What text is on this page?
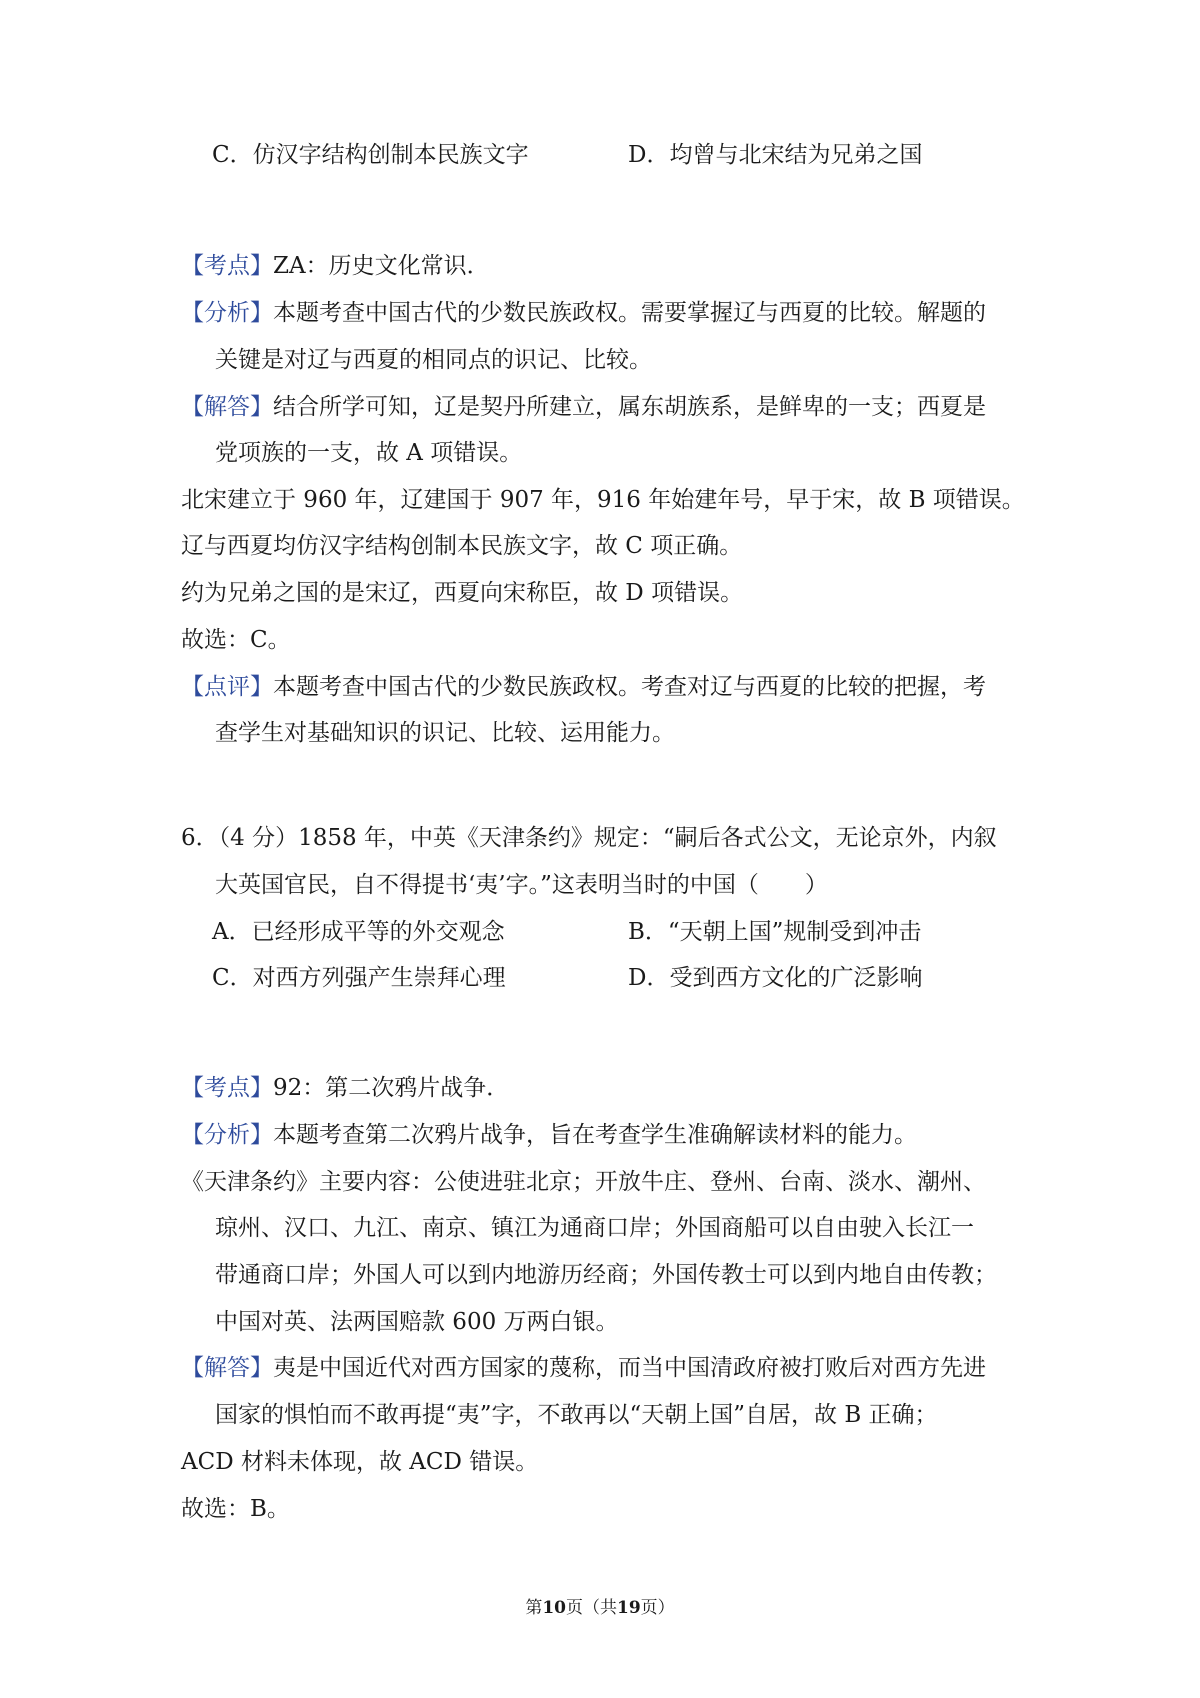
C．仿汉字结构创制本民族文字	D．均曾与北宋结为兄弟之国
【考点】ZA：历史文化常识．
【分析】本题考查中国古代的少数民族政权。需要掌握辽与西夏的比较。解题的
关键是对辽与西夏的相同点的识记、比较。
【解答】结合所学可知，辽是契丹所建立，属东胡族系，是鲜卑的一支；西夏是
党项族的一支，故 A 项错误。
北宋建立于 960 年，辽建国于 907 年，916 年始建年号，早于宋，故 B 项错误。
辽与西夏均仿汉字结构创制本民族文字，故 C 项正确。
约为兄弟之国的是宋辽，西夏向宋称臣，故 D 项错误。
故选：C。
【点评】本题考查中国古代的少数民族政权。考查对辽与西夏的比较的把握，考
查学生对基础知识的识记、比较、运用能力。
6．（4 分）1858 年，中英《天津条约》规定：“嗣后各式公文，无论京外，内叙
大英国官民，自不得提书‘夷’字。”这表明当时的中国（　　）
A．已经形成平等的外交观念	B．“天朝上国”规制受到冲击
C．对西方列强产生崇拜心理	D．受到西方文化的广泛影响
【考点】92：第二次鸦片战争．
【分析】本题考查第二次鸦片战争，旨在考查学生准确解读材料的能力。
《天津条约》主要内容：公使进驻北京；开放牛庄、登州、台南、淡水、潮州、
琼州、汉口、九江、南京、镇江为通商口岸；外国商船可以自由驶入长江一
带通商口岸；外国人可以到内地游历经商；外国传教士可以到内地自由传教；
中国对英、法两国赔款 600 万两白银。
【解答】夷是中国近代对西方国家的蔑称，而当中国清政府被打败后对西方先进
国家的惧怕而不敢再提“夷”字，不敢再以“天朝上国”自居，故 B 正确；
ACD 材料未体现，故 ACD 错误。
故选：B。
第10页（共19页）
